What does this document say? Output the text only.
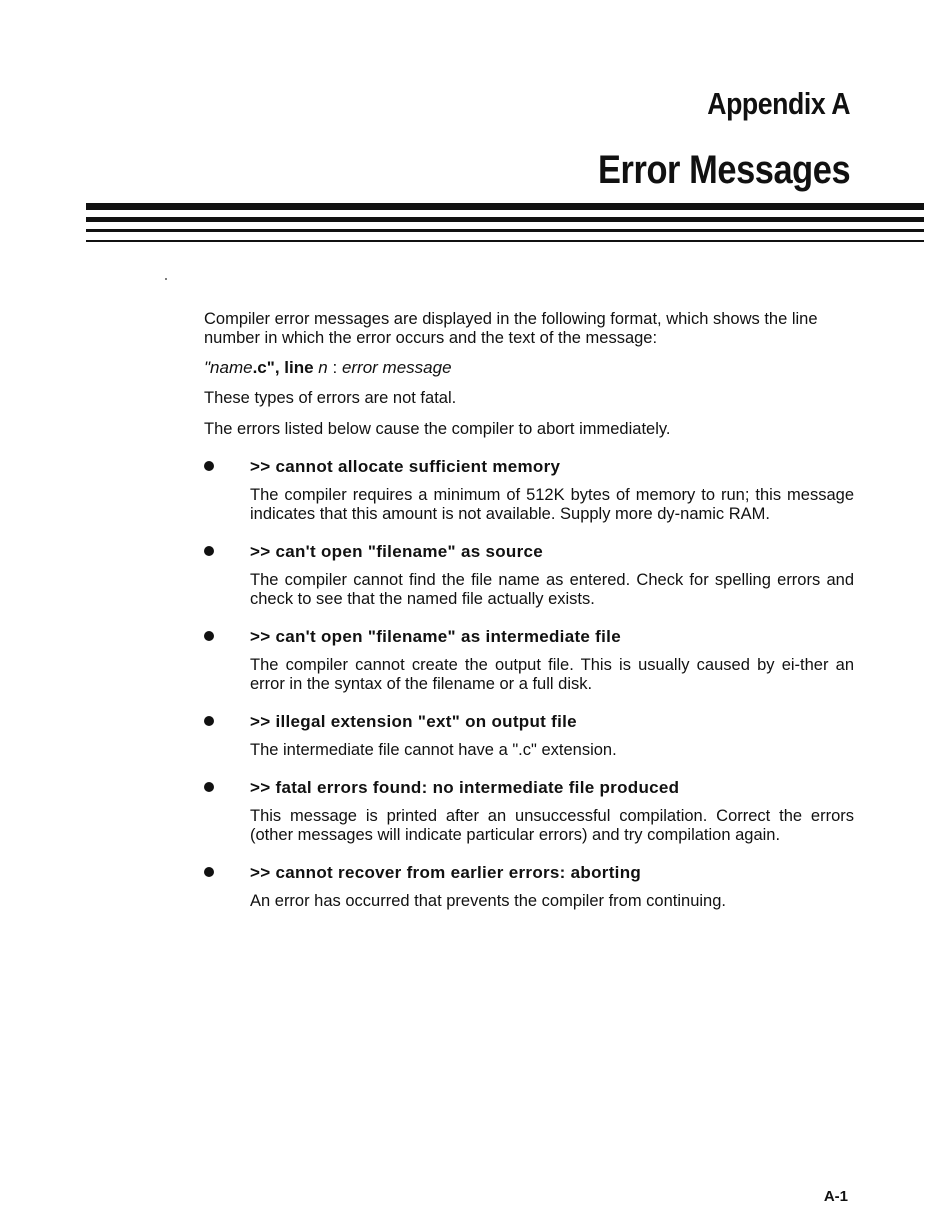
Appendix A
Error Messages

Compiler error messages are displayed in the following format, which shows the line number in which the error occurs and the text of the message:

"name.c", line n : error message

These types of errors are not fatal.

The errors listed below cause the compiler to abort immediately.

>> cannot allocate sufficient memory

The compiler requires a minimum of 512K bytes of memory to run; this message indicates that this amount is not available. Supply more dy-namic RAM.

>> can't open "filename" as source

The compiler cannot find the file name as entered. Check for spelling errors and check to see that the named file actually exists.

>> can't open "filename" as intermediate file

The compiler cannot create the output file. This is usually caused by ei-ther an error in the syntax of the filename or a full disk.

>> illegal extension "ext" on output file

The intermediate file cannot have a ".c" extension.

>> fatal errors found: no intermediate file produced

This message is printed after an unsuccessful compilation. Correct the errors (other messages will indicate particular errors) and try compilation again.

>> cannot recover from earlier errors: aborting

An error has occurred that prevents the compiler from continuing.

A-1
